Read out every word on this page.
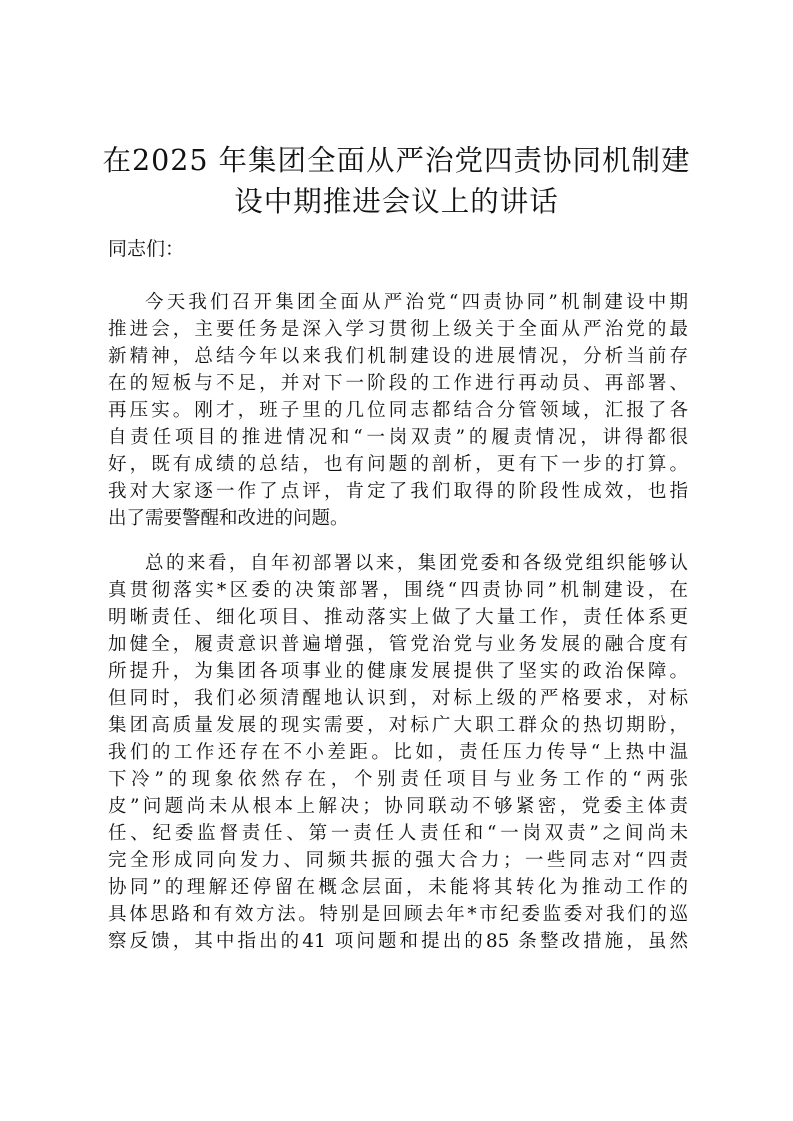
在2025 年集团全面从严治党四责协同机制建
设中期推进会议上的讲话

同志们：

今天我们召开集团全面从严治党“四责协同”机制建设中期
推进会，主要任务是深入学习贯彻上级关于全面从严治党的最
新精神，总结今年以来我们机制建设的进展情况，分析当前存
在的短板与不足，并对下一阶段的工作进行再动员、再部署、
再压实。刚才，班子里的几位同志都结合分管领域，汇报了各
自责任项目的推进情况和“一岗双责”的履责情况，讲得都很
好，既有成绩的总结，也有问题的剖析，更有下一步的打算。
我对大家逐一作了点评，肯定了我们取得的阶段性成效，也指
出了需要警醒和改进的问题。
总的来看，自年初部署以来，集团党委和各级党组织能够认
真贯彻落实*区委的决策部署，围绕“四责协同”机制建设，在
明晰责任、细化项目、推动落实上做了大量工作，责任体系更
加健全，履责意识普遍增强，管党治党与业务发展的融合度有
所提升，为集团各项事业的健康发展提供了坚实的政治保障。
但同时，我们必须清醒地认识到，对标上级的严格要求，对标
集团高质量发展的现实需要，对标广大职工群众的热切期盼，
我们的工作还存在不小差距。比如，责任压力传导“上热中温
下冷”的现象依然存在，个别责任项目与业务工作的“两张
皮”问题尚未从根本上解决；协同联动不够紧密，党委主体责
任、纪委监督责任、第一责任人责任和“一岗双责”之间尚未
完全形成同向发力、同频共振的强大合力；一些同志对“四责
协同”的理解还停留在概念层面，未能将其转化为推动工作的
具体思路和有效方法。特别是回顾去年*市纪委监委对我们的巡
察反馈，其中指出的41 项问题和提出的85 条整改措施，虽然
